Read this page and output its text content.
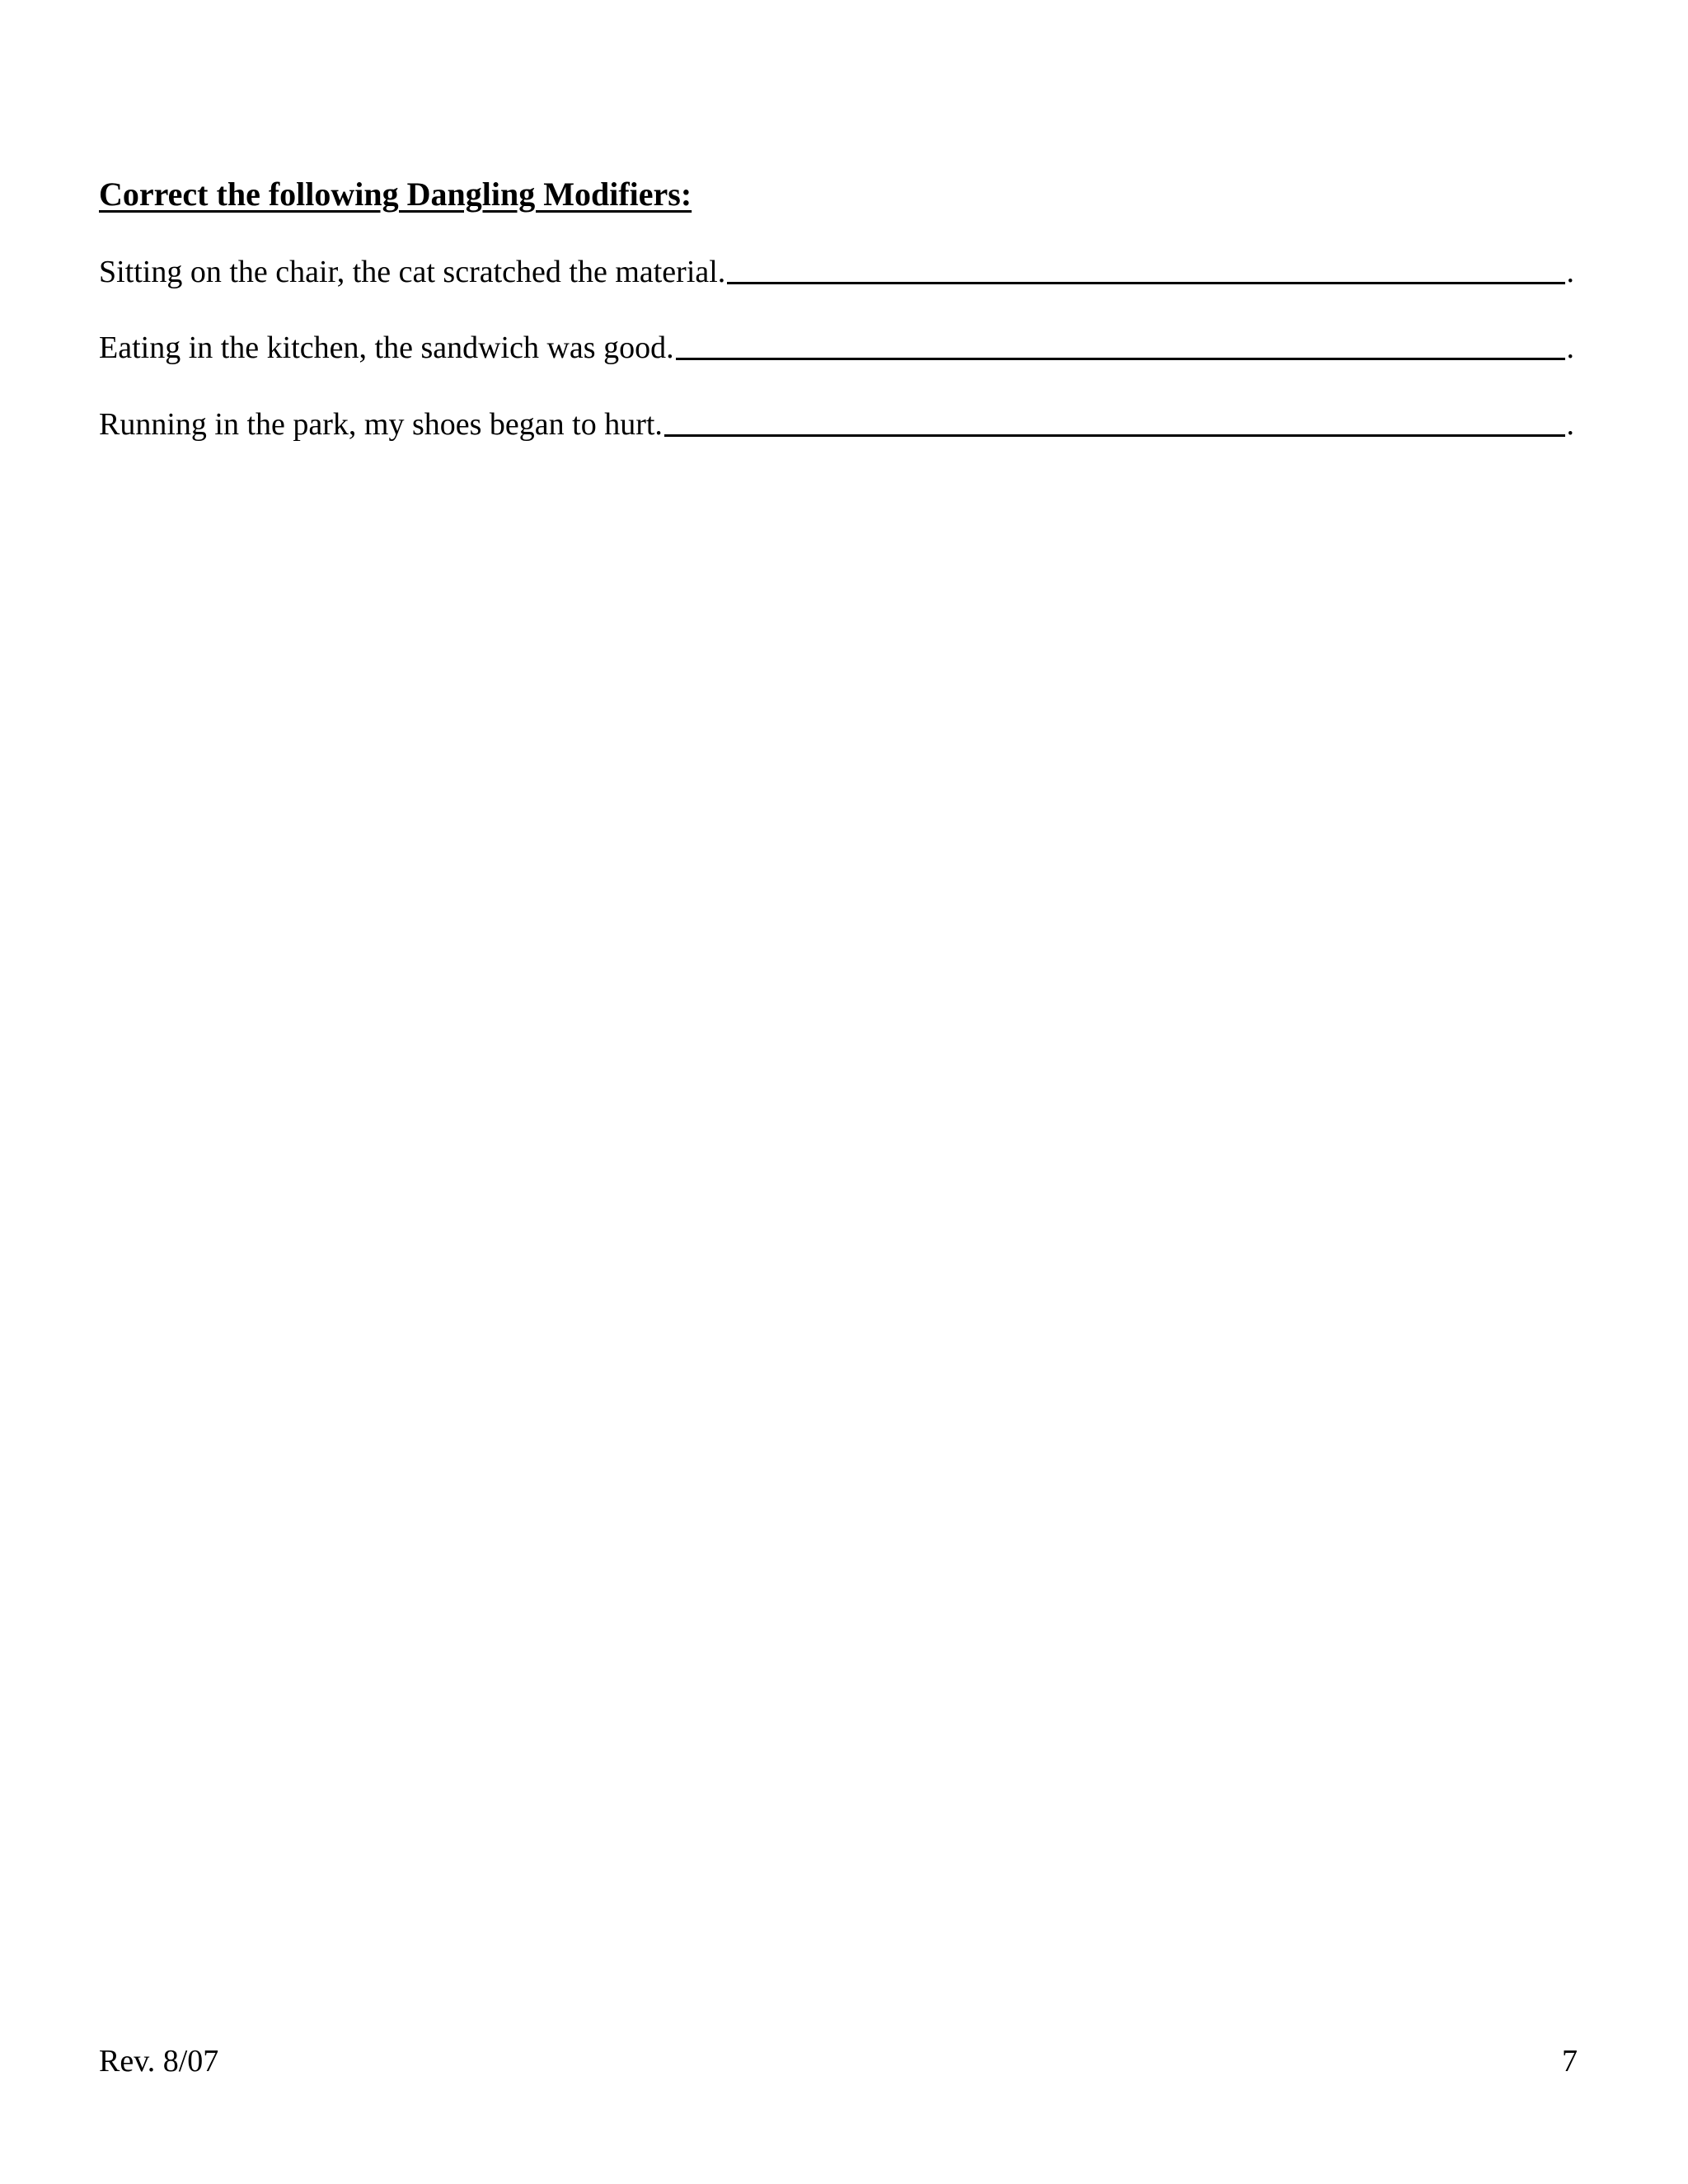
Correct the following Dangling Modifiers:
Sitting on the chair, the cat scratched the material.	.
Eating in the kitchen, the sandwich was good.	.
Running in the park, my shoes began to hurt.	.
Rev. 8/07	7
